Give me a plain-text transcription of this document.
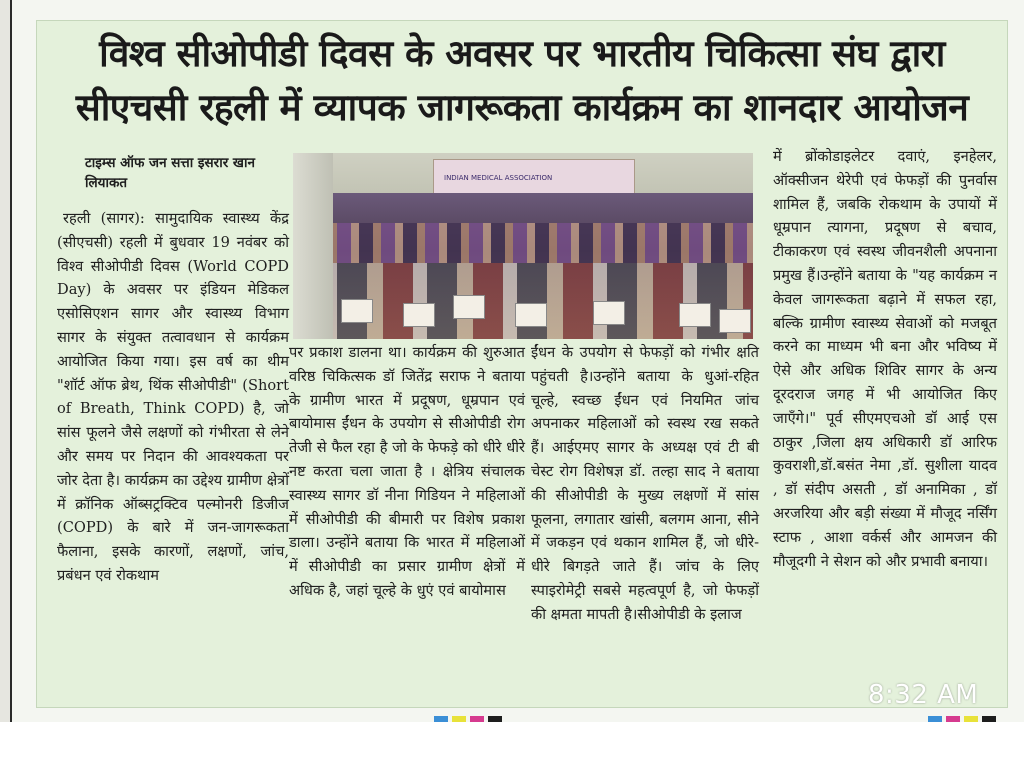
विश्व सीओपीडी दिवस के अवसर पर भारतीय चिकित्सा संघ द्वारा
सीएचसी रहली में व्यापक जागरूकता कार्यक्रम का शानदार आयोजन
टाइम्स ऑफ जन सत्ता इसरार खान लियाकत
रहली (सागर): सामुदायिक स्वास्थ्य केंद्र (सीएचसी) रहली में बुधवार 19 नवंबर को विश्व सीओपीडी दिवस (World COPD Day) के अवसर पर इंडियन मेडिकल एसोसिएशन सागर और स्वास्थ्य विभाग सागर के संयुक्त तत्वावधान से कार्यक्रम आयोजित किया गया। इस वर्ष का थीम "शॉर्ट ऑफ ब्रेथ, थिंक सीओपीडी" (Short of Breath, Think COPD) है, जो सांस फूलने जैसे लक्षणों को गंभीरता से लेने और समय पर निदान की आवश्यकता पर जोर देता है। कार्यक्रम का उद्देश्य ग्रामीण क्षेत्रों में क्रॉनिक ऑब्सट्रक्टिव पल्मोनरी डिजीज (COPD) के बारे में जन-जागरूकता फैलाना, इसके कारणों, लक्षणों, जांच, प्रबंधन एवं रोकथाम
INDIAN MEDICAL ASSOCIATION
पर प्रकाश डालना था। कार्यक्रम की शुरुआत वरिष्ठ चिकित्सक डॉ जितेंद्र सराफ ने बताया के ग्रामीण भारत में प्रदूषण, धूम्रपान एवं बायोमास ईंधन के उपयोग से सीओपीडी रोग तेजी से फैल रहा है जो के फेफड़े को धीरे धीरे नष्ट करता चला जाता है । क्षेत्रिय संचालक स्वास्थ्य सागर डॉ नीना गिडियन ने महिलाओं में सीओपीडी की बीमारी पर विशेष प्रकाश डाला। उन्होंने बताया कि भारत में महिलाओं में सीओपीडी का प्रसार ग्रामीण क्षेत्रों में अधिक है, जहां चूल्हे के धुएं एवं बायोमास
ईंधन के उपयोग से फेफड़ों को गंभीर क्षति पहुंचती है।उन्होंने बताया के धुआं-रहित चूल्हे, स्वच्छ ईंधन एवं नियमित जांच अपनाकर महिलाओं को स्वस्थ रख सकते हैं। आईएमए सागर के अध्यक्ष एवं टी बी चेस्ट रोग विशेषज्ञ डॉ. तल्हा साद ने बताया की सीओपीडी के मुख्य लक्षणों में सांस फूलना, लगातार खांसी, बलगम आना, सीने में जकड़न एवं थकान शामिल हैं, जो धीरे-धीरे बिगड़ते जाते हैं। जांच के लिए स्पाइरोमेट्री सबसे महत्वपूर्ण है, जो फेफड़ों की क्षमता मापती है।सीओपीडी के इलाज
में ब्रोंकोडाइलेटर दवाएं, इनहेलर, ऑक्सीजन थेरेपी एवं फेफड़ों की पुनर्वास शामिल हैं, जबकि रोकथाम के उपायों में धूम्रपान त्यागना, प्रदूषण से बचाव, टीकाकरण एवं स्वस्थ जीवनशैली अपनाना प्रमुख हैं।उन्होंने बताया के "यह कार्यक्रम न केवल जागरूकता बढ़ाने में सफल रहा, बल्कि ग्रामीण स्वास्थ्य सेवाओं को मजबूत करने का माध्यम भी बना और भविष्य में ऐसे और अधिक शिविर सागर के अन्य दूरदराज जगह में भी आयोजित किए जाएँगे।" पूर्व सीएमएचओ डॉ आई एस ठाकुर ,जिला क्षय अधिकारी डॉ आरिफ कुवराशी,डॉ.बसंत नेमा ,डॉ. सुशीला यादव , डॉ संदीप असती , डॉ अनामिका , डॉ अरजरिया और बड़ी संख्या में मौजूद नर्सिंग स्टाफ , आशा वर्कर्स और आमजन की मौजूदगी ने सेशन को और प्रभावी बनाया।
8:32 AM
